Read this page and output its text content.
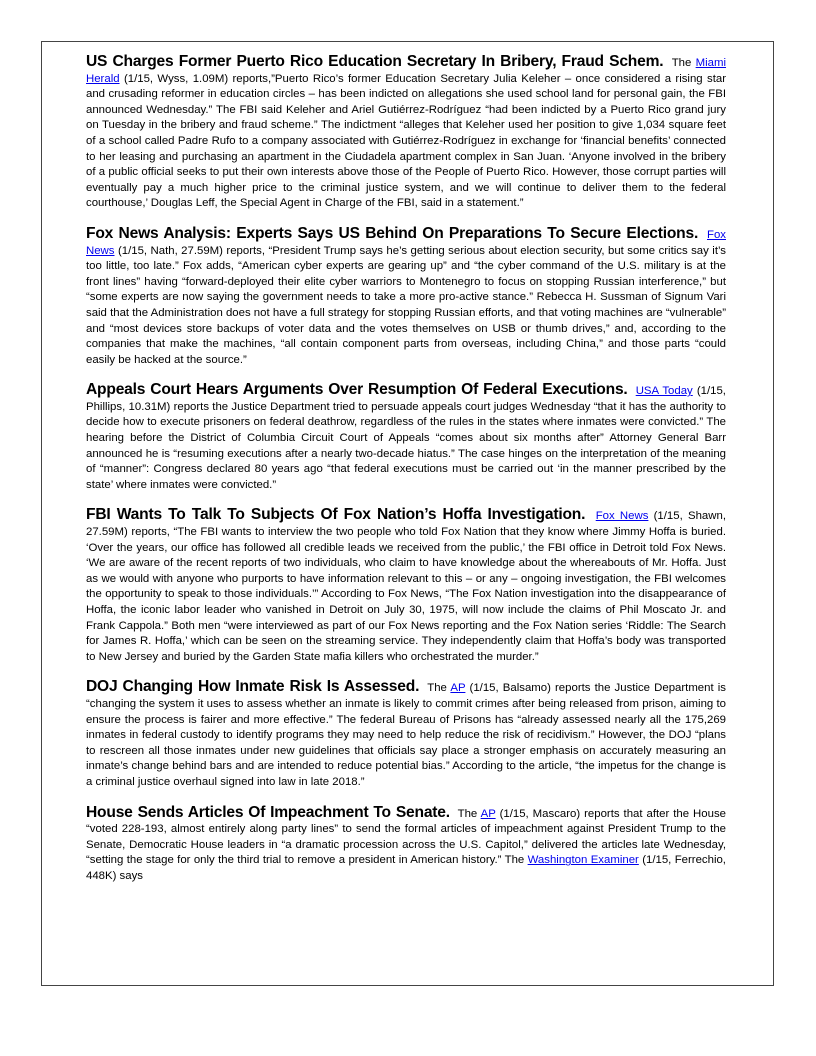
US Charges Former Puerto Rico Education Secretary In Bribery, Fraud Schem. The Miami Herald (1/15, Wyss, 1.09M) reports,”Puerto Rico’s former Education Secretary Julia Keleher – once considered a rising star and crusading reformer in education circles – has been indicted on allegations she used school land for personal gain, the FBI announced Wednesday.” The FBI said Keleher and Ariel Gutiérrez-Rodríguez “had been indicted by a Puerto Rico grand jury on Tuesday in the bribery and fraud scheme.” The indictment “alleges that Keleher used her position to give 1,034 square feet of a school called Padre Rufo to a company associated with Gutiérrez-Rodríguez in exchange for ‘financial benefits’ connected to her leasing and purchasing an apartment in the Ciudadela apartment complex in San Juan. ‘Anyone involved in the bribery of a public official seeks to put their own interests above those of the People of Puerto Rico. However, those corrupt parties will eventually pay a much higher price to the criminal justice system, and we will continue to deliver them to the federal courthouse,’ Douglas Leff, the Special Agent in Charge of the FBI, said in a statement.”

Fox News Analysis: Experts Says US Behind On Preparations To Secure Elections. Fox News (1/15, Nath, 27.59M) reports, “President Trump says he’s getting serious about election security, but some critics say it’s too little, too late.” Fox adds, “American cyber experts are gearing up” and “the cyber command of the U.S. military is at the front lines” having “forward-deployed their elite cyber warriors to Montenegro to focus on stopping Russian interference,” but “some experts are now saying the government needs to take a more pro-active stance.” Rebecca H. Sussman of Signum Vari said that the Administration does not have a full strategy for stopping Russian efforts, and that voting machines are “vulnerable” and “most devices store backups of voter data and the votes themselves on USB or thumb drives,” and, according to the companies that make the machines, “all contain component parts from overseas, including China,” and those parts “could easily be hacked at the source.”

Appeals Court Hears Arguments Over Resumption Of Federal Executions. USA Today (1/15, Phillips, 10.31M) reports the Justice Department tried to persuade appeals court judges Wednesday “that it has the authority to decide how to execute prisoners on federal deathrow, regardless of the rules in the states where inmates were convicted.” The hearing before the District of Columbia Circuit Court of Appeals “comes about six months after” Attorney General Barr announced he is “resuming executions after a nearly two-decade hiatus.” The case hinges on the interpretation of the meaning of “manner”: Congress declared 80 years ago “that federal executions must be carried out ‘in the manner prescribed by the state’ where inmates were convicted.”

FBI Wants To Talk To Subjects Of Fox Nation’s Hoffa Investigation. Fox News (1/15, Shawn, 27.59M) reports, “The FBI wants to interview the two people who told Fox Nation that they know where Jimmy Hoffa is buried. ‘Over the years, our office has followed all credible leads we received from the public,’ the FBI office in Detroit told Fox News. ‘We are aware of the recent reports of two individuals, who claim to have knowledge about the whereabouts of Mr. Hoffa. Just as we would with anyone who purports to have information relevant to this – or any – ongoing investigation, the FBI welcomes the opportunity to speak to those individuals.’” According to Fox News, “The Fox Nation investigation into the disappearance of Hoffa, the iconic labor leader who vanished in Detroit on July 30, 1975, will now include the claims of Phil Moscato Jr. and Frank Cappola.” Both men “were interviewed as part of our Fox News reporting and the Fox Nation series ‘Riddle: The Search for James R. Hoffa,’ which can be seen on the streaming service. They independently claim that Hoffa’s body was transported to New Jersey and buried by the Garden State mafia killers who orchestrated the murder.”

DOJ Changing How Inmate Risk Is Assessed. The AP (1/15, Balsamo) reports the Justice Department is “changing the system it uses to assess whether an inmate is likely to commit crimes after being released from prison, aiming to ensure the process is fairer and more effective.” The federal Bureau of Prisons has “already assessed nearly all the 175,269 inmates in federal custody to identify programs they may need to help reduce the risk of recidivism.” However, the DOJ “plans to rescreen all those inmates under new guidelines that officials say place a stronger emphasis on accurately measuring an inmate’s change behind bars and are intended to reduce potential bias.” According to the article, “the impetus for the change is a criminal justice overhaul signed into law in late 2018.”

House Sends Articles Of Impeachment To Senate. The AP (1/15, Mascaro) reports that after the House “voted 228-193, almost entirely along party lines” to send the formal articles of impeachment against President Trump to the Senate, Democratic House leaders in “a dramatic procession across the U.S. Capitol,” delivered the articles late Wednesday, “setting the stage for only the third trial to remove a president in American history.” The Washington Examiner (1/15, Ferrechio, 448K) says
